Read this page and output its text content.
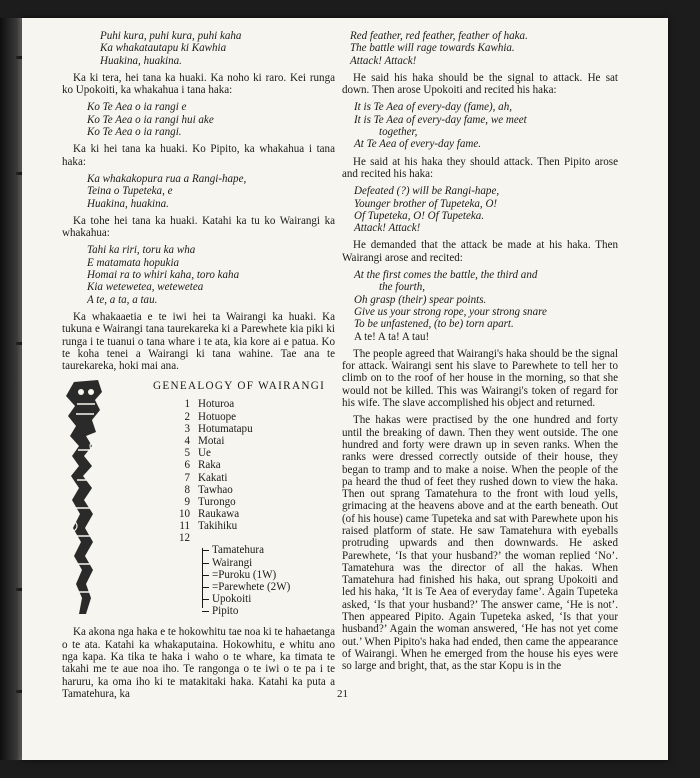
Puhi kura, puhi kura, puhi kaha
Ka whakatautapu ki Kawhia
Huakina, huakina.

Ka ki tera, hei tana ka huaki. Ka noho ki raro. Kei runga ko Upokoiti, ka whakahua i tana haka:

Ko Te Aea o ia rangi e
Ko Te Aea o ia rangi hui ake
Ko Te Aea o ia rangi.

Ka ki hei tana ka huaki. Ko Pipito, ka whakahua i tana haka:

Ka whakakopura rua a Rangi-hape,
Teina o Tupeteka, e
Huakina, huakina.

Ka tohe hei tana ka huaki. Katahi ka tu ko Wairangi ka whakahua:

Tahi ka riri, toru ka wha
E matamata hopukia
Homai ra to whiri kaha, toro kaha
Kia wetewetea, wetewetea
A te, a ta, a tau.

Ka whakaaetia e te iwi hei ta Wairangi ka huaki. Ka tukuna e Wairangi tana taurekareka ki a Parewhete kia piki ki runga i te tuanui o tana whare i te ata, kia kore ai e patua. Ko te koha tenei a Wairangi ki tana wahine. Tae ana te taurekareka, hoki mai ana.

GENEALOGY OF WAIRANGI
1 Hoturoa
2 Hotuope
3 Hotumatapu
4 Motai
5 Ue
6 Raka
7 Kakati
8 Tawhao
9 Turongo
10 Raukawa
11 Takihiku
12
Tamatehura
Wairangi
=Puroku (1W)
=Parewhete (2W)
Upokoiti
Pipito

Ka akona nga haka e te hokowhitu tae noa ki te hahaetanga o te ata. Katahi ka whakaputaina. Hokowhitu, e whitu ano nga kapa. Ka tika te haka i waho o te whare, ka timata te takahi me te aue noa iho. Te rangonga o te iwi o te pa i te haruru, ka oma iho ki te matakitaki haka. Katahi ka puta a Tamatehura, ka

Red feather, red feather, feather of haka.
The battle will rage towards Kawhia.
Attack! Attack!

He said his haka should be the signal to attack. He sat down. Then arose Upokoiti and recited his haka:

It is Te Aea of every-day (fame), ah,
It is Te Aea of every-day fame, we meet
together,
At Te Aea of every-day fame.

He said at his haka they should attack. Then Pipito arose and recited his haka:

Defeated (?) will be Rangi-hape,
Younger brother of Tupeteka, O!
Of Tupeteka, O! Of Tupeteka.
Attack! Attack!

He demanded that the attack be made at his haka. Then Wairangi arose and recited:

At the first comes the battle, the third and
the fourth,
Oh grasp (their) spear points.
Give us your strong rope, your strong snare
To be unfastened, (to be) torn apart.
A te! A ta! A tau!

The people agreed that Wairangi's haka should be the signal for attack. Wairangi sent his slave to Parewhete to tell her to climb on to the roof of her house in the morning, so that she would not be killed. This was Wairangi's token of regard for his wife. The slave accomplished his object and returned.

The hakas were practised by the one hundred and forty until the breaking of dawn. Then they went outside. The one hundred and forty were drawn up in seven ranks. When the ranks were dressed correctly outside of their house, they began to tramp and to make a noise. When the people of the pa heard the thud of feet they rushed down to view the haka. Then out sprang Tamatehura to the front with loud yells, grimacing at the heavens above and at the earth beneath. Out (of his house) came Tupeteka and sat with Parewhete upon his raised platform of state. He saw Tamatehura with eyeballs protruding upwards and then downwards. He asked Parewhete, ‘Is that your husband?’ the woman replied ‘No’. Tamatehura was the director of all the hakas. When Tamatehura had finished his haka, out sprang Upokoiti and led his haka, ‘It is Te Aea of everyday fame’. Again Tupeteka asked, ‘Is that your husband?’ The answer came, ‘He is not’. Then appeared Pipito. Again Tupeteka asked, ‘Is that your husband?’ Again the woman answered, ‘He has not yet come out.’ When Pipito's haka had ended, then came the appearance of Wairangi. When he emerged from the house his eyes were so large and bright, that, as the star Kopu is in the

21
